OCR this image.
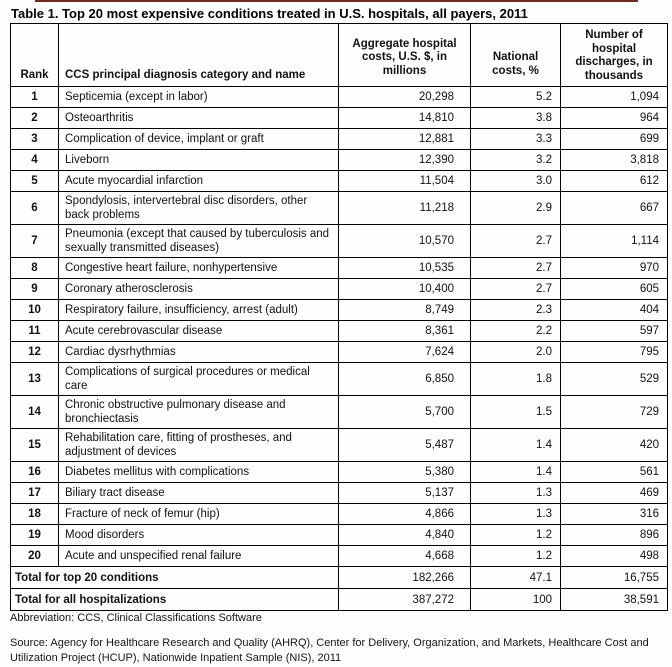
Table 1. Top 20 most expensive conditions treated in U.S. hospitals, all payers, 2011
Rank	CCS principal diagnosis category and name	Aggregate hospital costs, U.S. $, in millions	National costs, %	Number of hospital discharges, in thousands
1	Septicemia (except in labor)	20,298	5.2	1,094
2	Osteoarthritis	14,810	3.8	964
3	Complication of device, implant or graft	12,881	3.3	699
4	Liveborn	12,390	3.2	3,818
5	Acute myocardial infarction	11,504	3.0	612
6	Spondylosis, intervertebral disc disorders, other back problems	11,218	2.9	667
7	Pneumonia (except that caused by tuberculosis and sexually transmitted diseases)	10,570	2.7	1,114
8	Congestive heart failure, nonhypertensive	10,535	2.7	970
9	Coronary atherosclerosis	10,400	2.7	605
10	Respiratory failure, insufficiency, arrest (adult)	8,749	2.3	404
11	Acute cerebrovascular disease	8,361	2.2	597
12	Cardiac dysrhythmias	7,624	2.0	795
13	Complications of surgical procedures or medical care	6,850	1.8	529
14	Chronic obstructive pulmonary disease and bronchiectasis	5,700	1.5	729
15	Rehabilitation care, fitting of prostheses, and adjustment of devices	5,487	1.4	420
16	Diabetes mellitus with complications	5,380	1.4	561
17	Biliary tract disease	5,137	1.3	469
18	Fracture of neck of femur (hip)	4,866	1.3	316
19	Mood disorders	4,840	1.2	896
20	Acute and unspecified renal failure	4,668	1.2	498
Total for top 20 conditions		182,266	47.1	16,755
Total for all hospitalizations		387,272	100	38,591

Abbreviation: CCS, Clinical Classifications Software

Source: Agency for Healthcare Research and Quality (AHRQ), Center for Delivery, Organization, and Markets, Healthcare Cost and Utilization Project (HCUP), Nationwide Inpatient Sample (NIS), 2011
